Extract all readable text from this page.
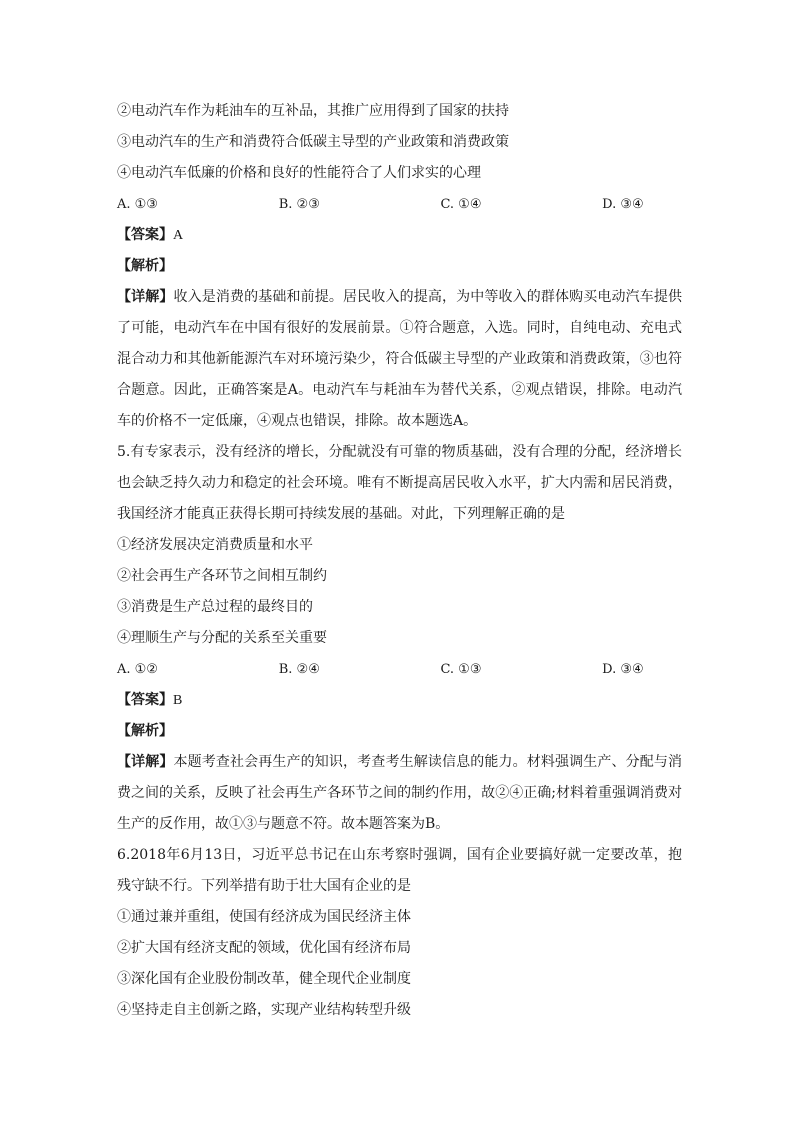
②电动汽车作为耗油车的互补品，其推广应用得到了国家的扶持
③电动汽车的生产和消费符合低碳主导型的产业政策和消费政策
④电动汽车低廉的价格和良好的性能符合了人们求实的心理
A. ①③	B. ②③	C. ①④	D. ③④
【答案】A
【解析】
【详解】收入是消费的基础和前提。居民收入的提高，为中等收入的群体购买电动汽车提供了可能，电动汽车在中国有很好的发展前景。①符合题意，入选。同时，自纯电动、充电式混合动力和其他新能源汽车对环境污染少，符合低碳主导型的产业政策和消费政策，③也符合题意。因此，正确答案是A。电动汽车与耗油车为替代关系，②观点错误，排除。电动汽车的价格不一定低廉，④观点也错误，排除。故本题选A。
5.有专家表示，没有经济的增长，分配就没有可靠的物质基础，没有合理的分配，经济增长也会缺乏持久动力和稳定的社会环境。唯有不断提高居民收入水平，扩大内需和居民消费，我国经济才能真正获得长期可持续发展的基础。对此，下列理解正确的是
①经济发展决定消费质量和水平
②社会再生产各环节之间相互制约
③消费是生产总过程的最终目的
④理顺生产与分配的关系至关重要
A. ①②	B. ②④	C. ①③	D. ③④
【答案】B
【解析】
【详解】本题考查社会再生产的知识，考查考生解读信息的能力。材料强调生产、分配与消费之间的关系，反映了社会再生产各环节之间的制约作用，故②④正确;材料着重强调消费对生产的反作用，故①③与题意不符。故本题答案为B。
6.2018年6月13日，习近平总书记在山东考察时强调，国有企业要搞好就一定要改革，抱残守缺不行。下列举措有助于壮大国有企业的是
①通过兼并重组，使国有经济成为国民经济主体
②扩大国有经济支配的领域，优化国有经济布局
③深化国有企业股份制改革，健全现代企业制度
④坚持走自主创新之路，实现产业结构转型升级
